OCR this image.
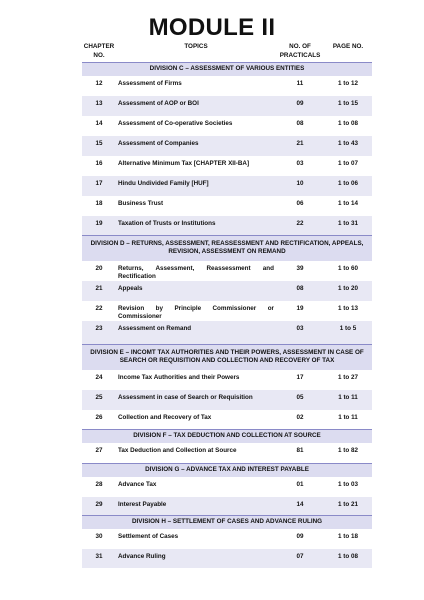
MODULE II
CHAPTER NO.	TOPICS	NO. OF PRACTICALS	PAGE NO.
DIVISION C – ASSESSMENT OF VARIOUS ENTITIES			
12	Assessment of Firms	11	1 to 12
13	Assessment of AOP or BOI	09	1 to 15
14	Assessment of Co-operative Societies	08	1 to 08
15	Assessment of Companies	21	1 to 43
16	Alternative Minimum Tax [CHAPTER XII-BA]	03	1 to 07
17	Hindu Undivided Family [HUF]	10	1 to 06
18	Business Trust	06	1 to 14
19	Taxation of Trusts or Institutions	22	1 to 31
DIVISION D – RETURNS, ASSESSMENT, REASSESSMENT AND RECTIFICATION, APPEALS, REVISION, ASSESSMENT ON REMAND			
20	Returns, Assessment, Reassessment and Rectification	39	1 to 60
21	Appeals	08	1 to 20
22	Revision by Principle Commissioner or Commissioner	19	1 to 13
23	Assessment on Remand	03	1 to 5
DIVISION E – INCOMT TAX AUTHORITIES AND THEIR POWERS, ASSESSMENT IN CASE OF SEARCH OR REQUISITION AND COLLECTION AND RECOVERY OF TAX			
24	Income Tax Authorities and their Powers	17	1 to 27
25	Assessment in case of Search or Requisition	05	1 to 11
26	Collection and Recovery of Tax	02	1 to 11
DIVISION F – TAX DEDUCTION AND COLLECTION AT SOURCE			
27	Tax Deduction and Collection at Source	81	1 to 82
DIVISION G – ADVANCE TAX AND INTEREST PAYABLE			
28	Advance Tax	01	1 to 03
29	Interest Payable	14	1 to 21
DIVISION H – SETTLEMENT OF CASES AND ADVANCE RULING			
30	Settlement of Cases	09	1 to 18
31	Advance Ruling	07	1 to 08
